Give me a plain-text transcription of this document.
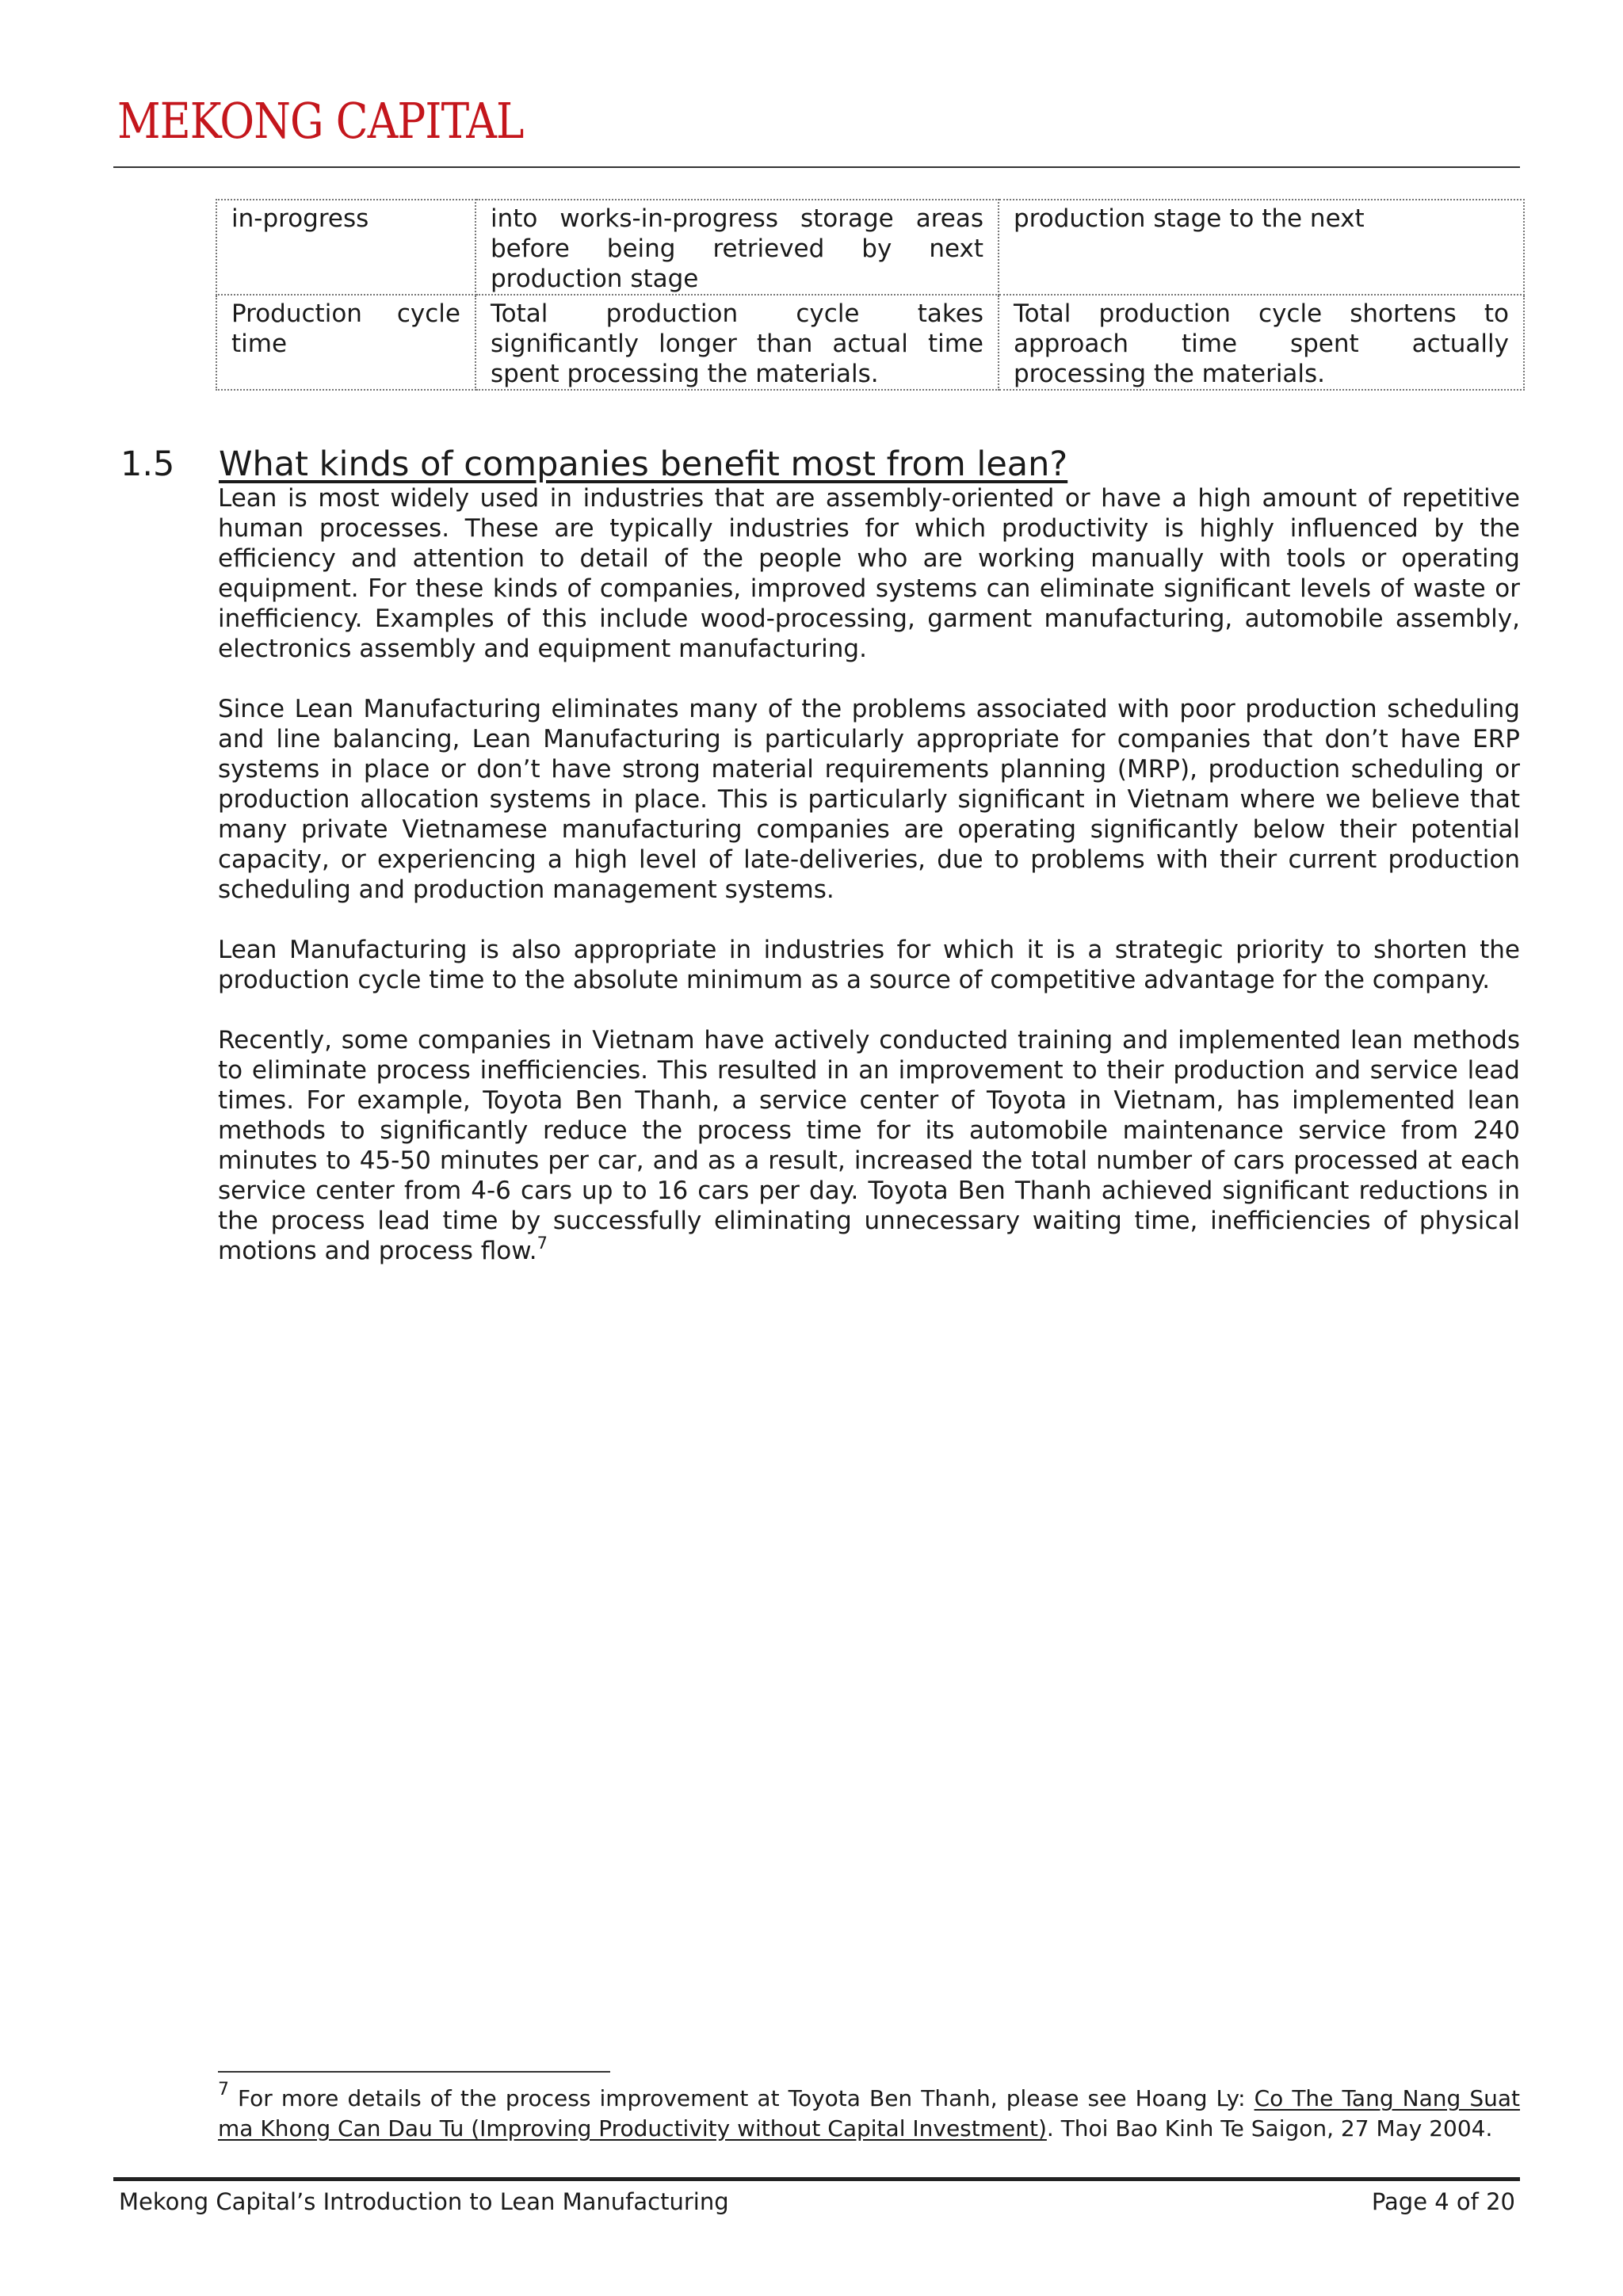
MEKONG CAPITAL
in-progress	into works-in-progress storage areas before being retrieved by next production stage	production stage to the next
Production cycle time	Total production cycle takes significantly longer than actual time spent processing the materials.	Total production cycle shortens to approach time spent actually processing the materials.
1.5 What kinds of companies benefit most from lean?

Lean is most widely used in industries that are assembly-oriented or have a high amount of repetitive human processes. These are typically industries for which productivity is highly influenced by the efficiency and attention to detail of the people who are working manually with tools or operating equipment. For these kinds of companies, improved systems can eliminate significant levels of waste or inefficiency. Examples of this include wood-processing, garment manufacturing, automobile assembly, electronics assembly and equipment manufacturing.

Since Lean Manufacturing eliminates many of the problems associated with poor production scheduling and line balancing, Lean Manufacturing is particularly appropriate for companies that don’t have ERP systems in place or don’t have strong material requirements planning (MRP), production scheduling or production allocation systems in place. This is particularly significant in Vietnam where we believe that many private Vietnamese manufacturing companies are operating significantly below their potential capacity, or experiencing a high level of late-deliveries, due to problems with their current production scheduling and production management systems.

Lean Manufacturing is also appropriate in industries for which it is a strategic priority to shorten the production cycle time to the absolute minimum as a source of competitive advantage for the company.

Recently, some companies in Vietnam have actively conducted training and implemented lean methods to eliminate process inefficiencies. This resulted in an improvement to their production and service lead times. For example, Toyota Ben Thanh, a service center of Toyota in Vietnam, has implemented lean methods to significantly reduce the process time for its automobile maintenance service from 240 minutes to 45-50 minutes per car, and as a result, increased the total number of cars processed at each service center from 4-6 cars up to 16 cars per day. Toyota Ben Thanh achieved significant reductions in the process lead time by successfully eliminating unnecessary waiting time, inefficiencies of physical motions and process flow.$^7$

$^7$ For more details of the process improvement at Toyota Ben Thanh, please see Hoang Ly: Co The Tang Nang Suat ma Khong Can Dau Tu (Improving Productivity without Capital Investment). Thoi Bao Kinh Te Saigon, 27 May 2004.
Mekong Capital’s Introduction to Lean Manufacturing	Page 4 of 20
